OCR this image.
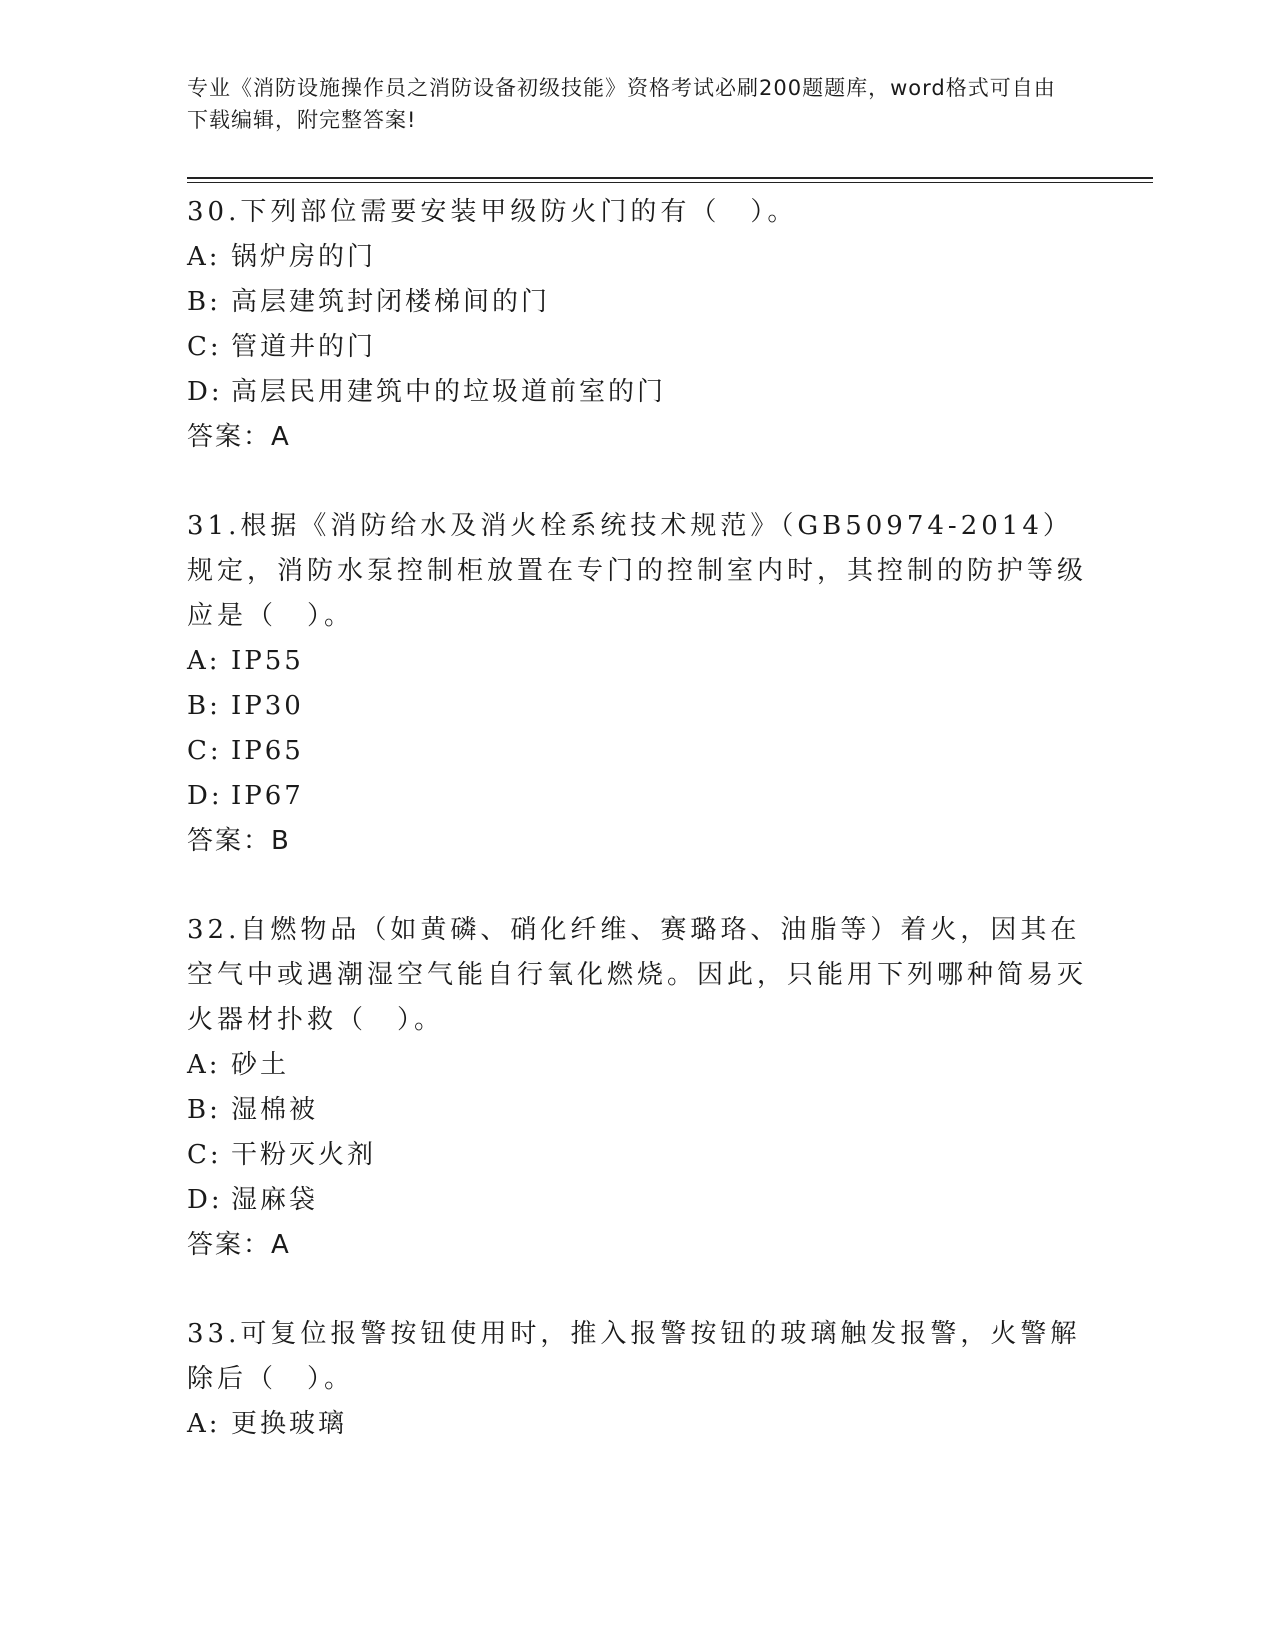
专业《消防设施操作员之消防设备初级技能》资格考试必刷200题题库，word格式可自由下载编辑，附完整答案!

30.下列部位需要安装甲级防火门的有（　）。

A: 锅炉房的门

B: 高层建筑封闭楼梯间的门

C: 管道井的门

D: 高层民用建筑中的垃圾道前室的门

答案：A

31.根据《消防给水及消火栓系统技术规范》（GB50974-2014）规定，消防水泵控制柜放置在专门的控制室内时，其控制的防护等级应是（　）。

A: IP55

B: IP30

C: IP65

D: IP67

答案：B

32.自燃物品（如黄磷、硝化纤维、赛璐珞、油脂等）着火，因其在空气中或遇潮湿空气能自行氧化燃烧。因此，只能用下列哪种简易灭火器材扑救（　）。

A: 砂土

B: 湿棉被

C: 干粉灭火剂

D: 湿麻袋

答案：A

33.可复位报警按钮使用时，推入报警按钮的玻璃触发报警，火警解除后（　）。

A: 更换玻璃
